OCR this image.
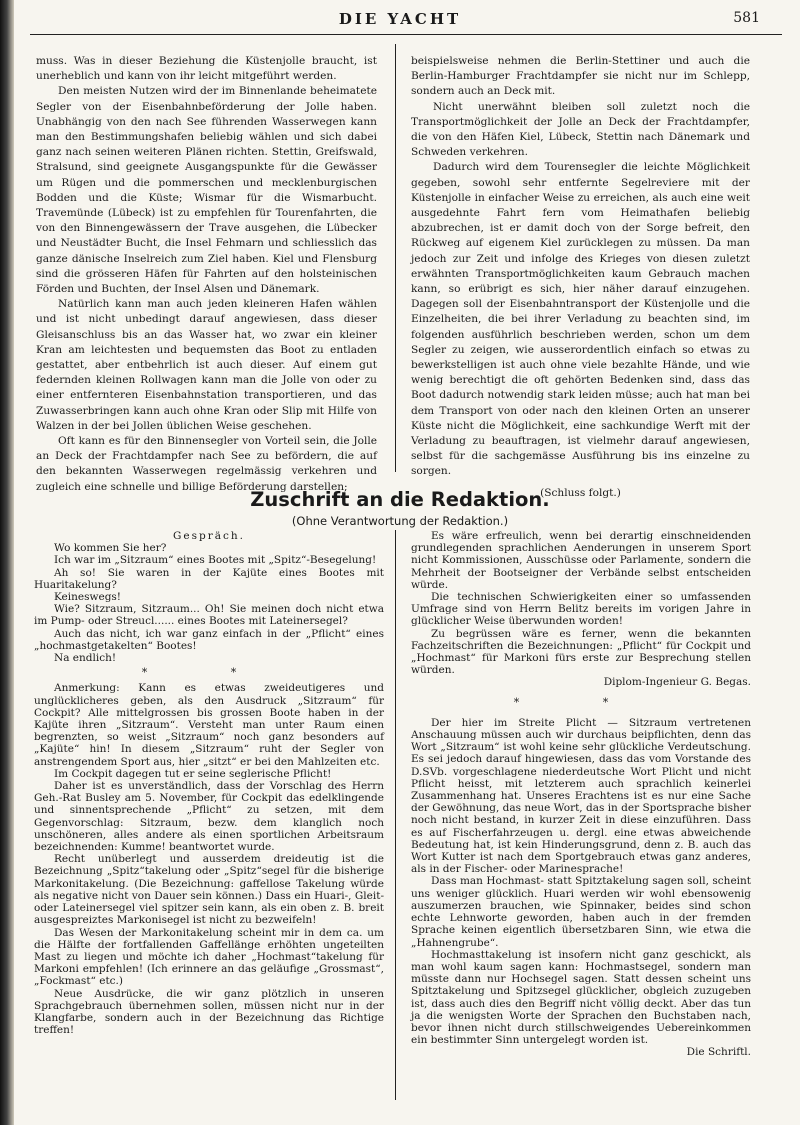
DIE YACHT	581

muss. Was in dieser Beziehung die Küstenjolle braucht, ist unerheblich und kann von ihr leicht mitgeführt werden.

Den meisten Nutzen wird der im Binnenlande beheimatete Segler von der Eisenbahnbeförderung der Jolle haben. Unabhängig von den nach See führenden Wasserwegen kann man den Bestimmungshafen beliebig wählen und sich dabei ganz nach seinen weiteren Plänen richten. Stettin, Greifswald, Stralsund, sind geeignete Ausgangspunkte für die Gewässer um Rügen und die pommerschen und mecklenburgischen Bodden und die Küste; Wismar für die Wismarbucht. Travemünde (Lübeck) ist zu empfehlen für Tourenfahrten, die von den Binnengewässern der Trave ausgehen, die Lübecker und Neustädter Bucht, die Insel Fehmarn und schliesslich das ganze dänische Inselreich zum Ziel haben. Kiel und Flensburg sind die grösseren Häfen für Fahrten auf den holsteinischen Förden und Buchten, der Insel Alsen und Dänemark.

Natürlich kann man auch jeden kleineren Hafen wählen und ist nicht unbedingt darauf angewiesen, dass dieser Gleisanschluss bis an das Wasser hat, wo zwar ein kleiner Kran am leichtesten und bequemsten das Boot zu entladen gestattet, aber entbehrlich ist auch dieser. Auf einem gut federnden kleinen Rollwagen kann man die Jolle von oder zu einer entfernteren Eisenbahnstation transportieren, und das Zuwasserbringen kann auch ohne Kran oder Slip mit Hilfe von Walzen in der bei Jollen üblichen Weise geschehen.

Oft kann es für den Binnensegler von Vorteil sein, die Jolle an Deck der Frachtdampfer nach See zu befördern, die auf den bekannten Wasserwegen regelmässig verkehren und zugleich eine schnelle und billige Beförderung darstellen;

beispielsweise nehmen die Berlin-Stettiner und auch die Berlin-Hamburger Frachtdampfer sie nicht nur im Schlepp, sondern auch an Deck mit.

Nicht unerwähnt bleiben soll zuletzt noch die Transportmöglichkeit der Jolle an Deck der Frachtdampfer, die von den Häfen Kiel, Lübeck, Stettin nach Dänemark und Schweden verkehren.

Dadurch wird dem Tourensegler die leichte Möglichkeit gegeben, sowohl sehr entfernte Segelreviere mit der Küstenjolle in einfacher Weise zu erreichen, als auch eine weit ausgedehnte Fahrt fern vom Heimathafen beliebig abzubrechen, ist er damit doch von der Sorge befreit, den Rückweg auf eigenem Kiel zurücklegen zu müssen. Da man jedoch zur Zeit und infolge des Krieges von diesen zuletzt erwähnten Transportmöglichkeiten kaum Gebrauch machen kann, so erübrigt es sich, hier näher darauf einzugehen. Dagegen soll der Eisenbahntransport der Küstenjolle und die Einzelheiten, die bei ihrer Verladung zu beachten sind, im folgenden ausführlich beschrieben werden, schon um dem Segler zu zeigen, wie ausserordentlich einfach so etwas zu bewerkstelligen ist auch ohne viele bezahlte Hände, und wie wenig berechtigt die oft gehörten Bedenken sind, dass das Boot dadurch notwendig stark leiden müsse; auch hat man bei dem Transport von oder nach den kleinen Orten an unserer Küste nicht die Möglichkeit, eine sachkundige Werft mit der Verladung zu beauftragen, ist vielmehr darauf angewiesen, selbst für die sachgemässe Ausführung bis ins einzelne zu sorgen.

(Schluss folgt.)

Zuschrift an die Redaktion.
(Ohne Verantwortung der Redaktion.)

Gespräch.

Wo kommen Sie her?

Ich war im „Sitzraum“ eines Bootes mit „Spitz“-Besegelung!

Ah so! Sie waren in der Kajüte eines Bootes mit Huaritakelung?

Keineswegs!

Wie? Sitzraum, Sitzraum... Oh! Sie meinen doch nicht etwa im Pump- oder Streucl...... eines Bootes mit Lateinersegel?

Auch das nicht, ich war ganz einfach in der „Pflicht“ eines „hochmastgetakelten“ Bootes!

Na endlich!

* *

Anmerkung: Kann es etwas zweideutigeres und unglücklicheres geben, als den Ausdruck „Sitzraum“ für Cockpit? Alle mittelgrossen bis grossen Boote haben in der Kajüte ihren „Sitzraum“. Versteht man unter Raum einen begrenzten, so weist „Sitzraum“ noch ganz besonders auf „Kajüte“ hin! In diesem „Sitzraum“ ruht der Segler von anstrengendem Sport aus, hier „sitzt“ er bei den Mahlzeiten etc.

Im Cockpit dagegen tut er seine seglerische Pflicht!

Daher ist es unverständlich, dass der Vorschlag des Herrn Geh.-Rat Busley am 5. November, für Cockpit das edelklingende und sinnentsprechende „Pflicht“ zu setzen, mit dem Gegenvorschlag: Sitzraum, bezw. dem klanglich noch unschöneren, alles andere als einen sportlichen Arbeitsraum bezeichnenden: Kumme! beantwortet wurde.

Recht unüberlegt und ausserdem dreideutig ist die Bezeichnung „Spitz“takelung oder „Spitz“segel für die bisherige Markonitakelung. (Die Bezeichnung: gaffellose Takelung würde als negative nicht von Dauer sein können.) Dass ein Huari-, Gleit- oder Lateinersegel viel spitzer sein kann, als ein oben z. B. breit ausgespreiztes Markonisegel ist nicht zu bezweifeln!

Das Wesen der Markonitakelung scheint mir in dem ca. um die Hälfte der fortfallenden Gaffellänge erhöhten ungeteilten Mast zu liegen und möchte ich daher „Hochmast“takelung für Markoni empfehlen! (Ich erinnere an das geläufige „Grossmast“, „Fockmast“ etc.)

Neue Ausdrücke, die wir ganz plötzlich in unseren Sprachgebrauch übernehmen sollen, müssen nicht nur in der Klangfarbe, sondern auch in der Bezeichnung das Richtige treffen!

Es wäre erfreulich, wenn bei derartig einschneidenden grundlegenden sprachlichen Aenderungen in unserem Sport nicht Kommissionen, Ausschüsse oder Parlamente, sondern die Mehrheit der Bootseigner der Verbände selbst entscheiden würde.

Die technischen Schwierigkeiten einer so umfassenden Umfrage sind von Herrn Belitz bereits im vorigen Jahre in glücklicher Weise überwunden worden!

Zu begrüssen wäre es ferner, wenn die bekannten Fachzeitschriften die Bezeichnungen: „Pflicht“ für Cockpit und „Hochmast“ für Markoni fürs erste zur Besprechung stellen würden.

Diplom-Ingenieur G. Begas.

* *

Der hier im Streite Plicht — Sitzraum vertretenen Anschauung müssen auch wir durchaus beipflichten, denn das Wort „Sitzraum“ ist wohl keine sehr glückliche Verdeutschung. Es sei jedoch darauf hingewiesen, dass das vom Vorstande des D.SVb. vorgeschlagene niederdeutsche Wort Plicht und nicht Pflicht heisst, mit letzterem auch sprachlich keinerlei Zusammenhang hat. Unseres Erachtens ist es nur eine Sache der Gewöhnung, das neue Wort, das in der Sportsprache bisher noch nicht bestand, in kurzer Zeit in diese einzuführen. Dass es auf Fischerfahrzeugen u. dergl. eine etwas abweichende Bedeutung hat, ist kein Hinderungsgrund, denn z. B. auch das Wort Kutter ist nach dem Sportgebrauch etwas ganz anderes, als in der Fischer- oder Marinesprache!

Dass man Hochmast- statt Spitztakelung sagen soll, scheint uns weniger glücklich. Huari werden wir wohl ebensowenig auszumerzen brauchen, wie Spinnaker, beides sind schon echte Lehnworte geworden, haben auch in der fremden Sprache keinen eigentlich übersetzbaren Sinn, wie etwa die „Hahnengrube“.

Hochmasttakelung ist insofern nicht ganz geschickt, als man wohl kaum sagen kann: Hochmastsegel, sondern man müsste dann nur Hochsegel sagen. Statt dessen scheint uns Spitztakelung und Spitzsegel glücklicher, obgleich zuzugeben ist, dass auch dies den Begriff nicht völlig deckt. Aber das tun ja die wenigsten Worte der Sprachen den Buchstaben nach, bevor ihnen nicht durch stillschweigendes Uebereinkommen ein bestimmter Sinn untergelegt worden ist.

Die Schriftl.
